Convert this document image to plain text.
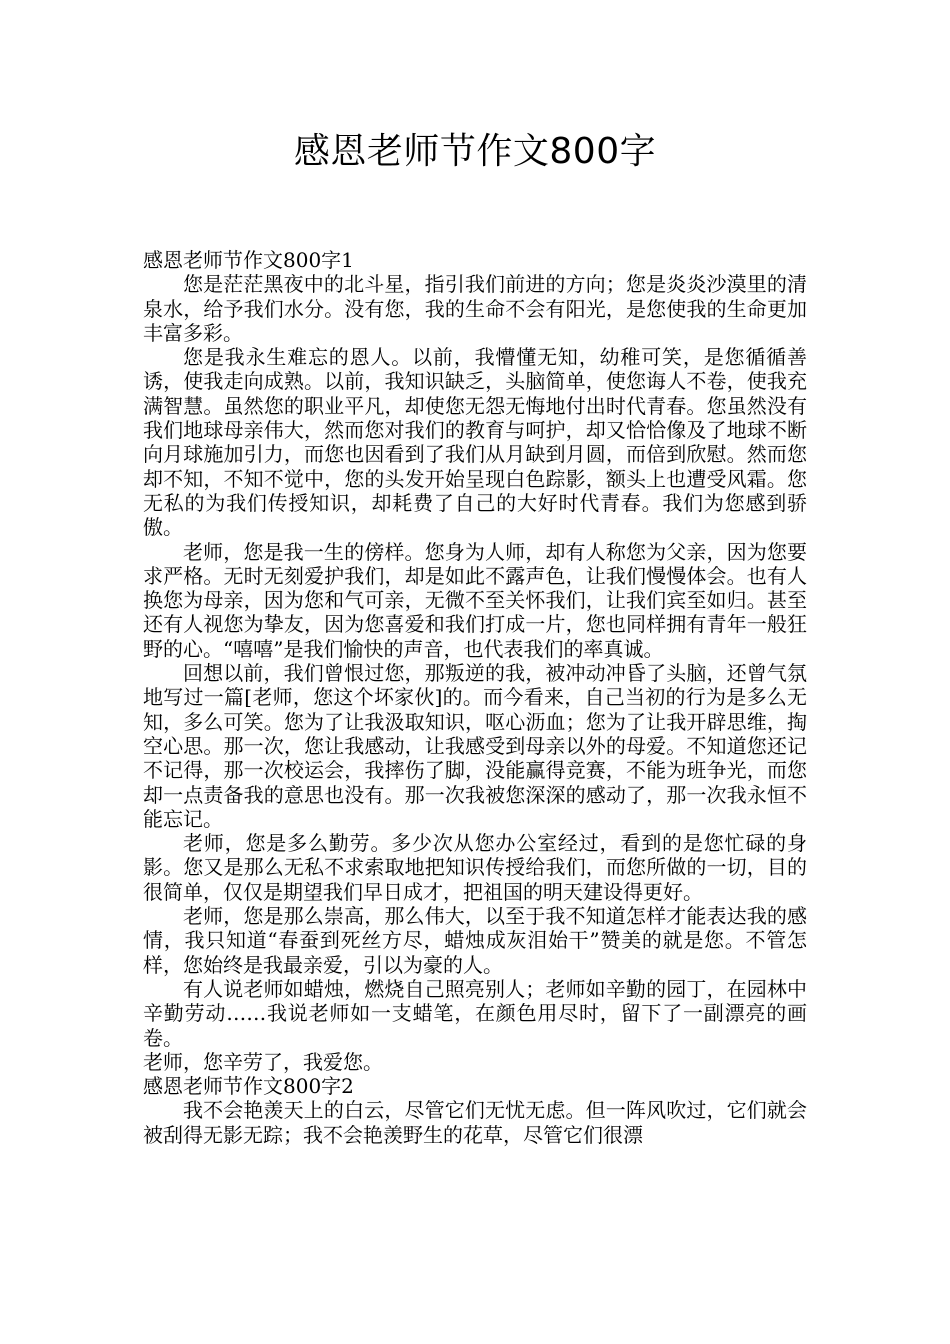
感恩老师节作文800字

感恩老师节作文800字1

您是茫茫黑夜中的北斗星，指引我们前进的方向；您是炎炎沙漠里的清泉水，给予我们水分。没有您，我的生命不会有阳光，是您使我的生命更加丰富多彩。

您是我永生难忘的恩人。以前，我懵懂无知，幼稚可笑，是您循循善诱，使我走向成熟。以前，我知识缺乏，头脑简单，使您诲人不卷，使我充满智慧。虽然您的职业平凡，却使您无怨无悔地付出时代青春。您虽然没有我们地球母亲伟大，然而您对我们的教育与呵护，却又恰恰像及了地球不断向月球施加引力，而您也因看到了我们从月缺到月圆，而倍到欣慰。然而您却不知，不知不觉中，您的头发开始呈现白色踪影，额头上也遭受风霜。您无私的为我们传授知识，却耗费了自己的大好时代青春。我们为您感到骄傲。

老师，您是我一生的傍样。您身为人师，却有人称您为父亲，因为您要求严格。无时无刻爱护我们，却是如此不露声色，让我们慢慢体会。也有人换您为母亲，因为您和气可亲，无微不至关怀我们，让我们宾至如归。甚至还有人视您为挚友，因为您喜爱和我们打成一片，您也同样拥有青年一般狂野的心。“嘻嘻”是我们愉快的声音，也代表我们的率真诚。

回想以前，我们曾恨过您，那叛逆的我，被冲动冲昏了头脑，还曾气氛地写过一篇[老师，您这个坏家伙]的。而今看来，自己当初的行为是多么无知，多么可笑。您为了让我汲取知识，呕心沥血；您为了让我开辟思维，掏空心思。那一次，您让我感动，让我感受到母亲以外的母爱。不知道您还记不记得，那一次校运会，我摔伤了脚，没能赢得竞赛，不能为班争光，而您却一点责备我的意思也没有。那一次我被您深深的感动了，那一次我永恒不能忘记。

老师，您是多么勤劳。多少次从您办公室经过，看到的是您忙碌的身影。您又是那么无私不求索取地把知识传授给我们，而您所做的一切，目的很简单，仅仅是期望我们早日成才，把祖国的明天建设得更好。

老师，您是那么崇高，那么伟大，以至于我不知道怎样才能表达我的感情，我只知道“春蚕到死丝方尽，蜡烛成灰泪始干”赞美的就是您。不管怎样，您始终是我最亲爱，引以为豪的人。

有人说老师如蜡烛，燃烧自己照亮别人；老师如辛勤的园丁，在园林中辛勤劳动……我说老师如一支蜡笔，在颜色用尽时，留下了一副漂亮的画卷。

老师，您辛劳了，我爱您。

感恩老师节作文800字2

我不会艳羡天上的白云，尽管它们无忧无虑。但一阵风吹过，它们就会被刮得无影无踪；我不会艳羡野生的花草，尽管它们很漂
